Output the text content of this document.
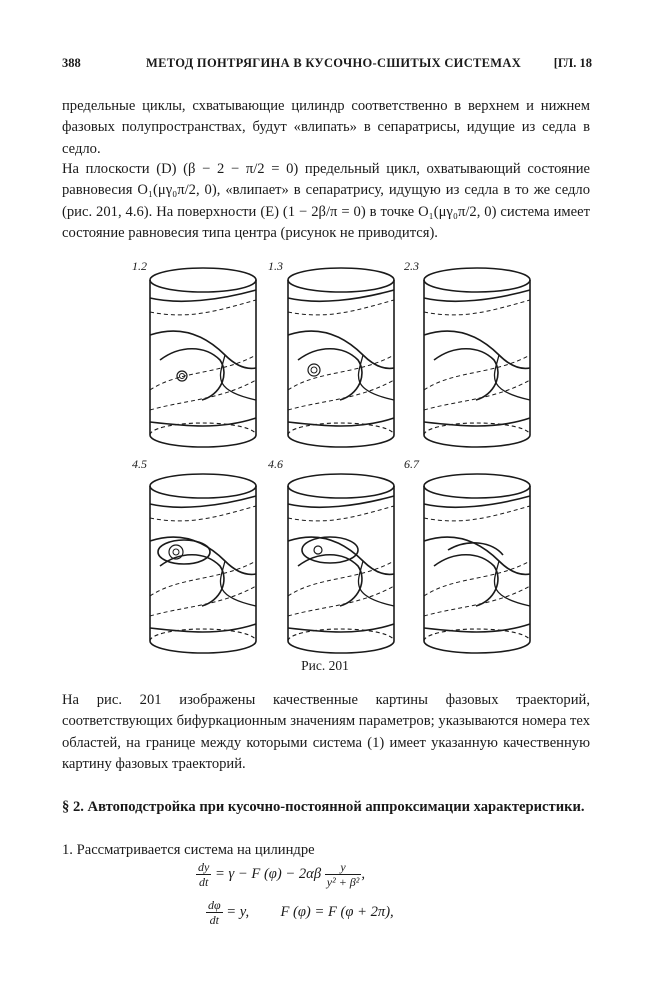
388	МЕТОД ПОНТРЯГИНА В КУСОЧНО-СШИТЫХ СИСТЕМАХ	[ГЛ. 18

предельные циклы, схватывающие цилиндр соответственно в верхнем и нижнем фазовых полупространствах, будут «влипать» в сепаратрисы, идущие из седла в седло.

На плоскости (D) (β − 2 − π/2 = 0) предельный цикл, охватывающий состояние равновесия O₁(μγ₀π/2, 0), «влипает» в сепаратрису, идущую из седла в то же седло (рис. 201, 4.6). На поверхности (E) (1 − 2β/π = 0) в точке O₁(μγ₀π/2, 0) система имеет состояние равновесия типа центра (рисунок не приводится).

1.2	1.3	2.3
4.5	4.6	6.7
Рис. 201

На рис. 201 изображены качественные картины фазовых траекторий, соответствующих бифуркационным значениям параметров; указываются номера тех областей, на границе между которыми система (1) имеет указанную качественную картину фазовых траекторий.

§ 2. Автоподстройка при кусочно-постоянной аппроксимации характеристики.

1. Рассматривается система на цилиндре

$\frac{dy}{dt} = \gamma - F$ $(\varphi) - 2\alpha\beta \frac{y}{\text{y² + β²}}$ ,
$\frac{d\varphi}{dt} = y$, F (φ) = F (φ + 2π),
